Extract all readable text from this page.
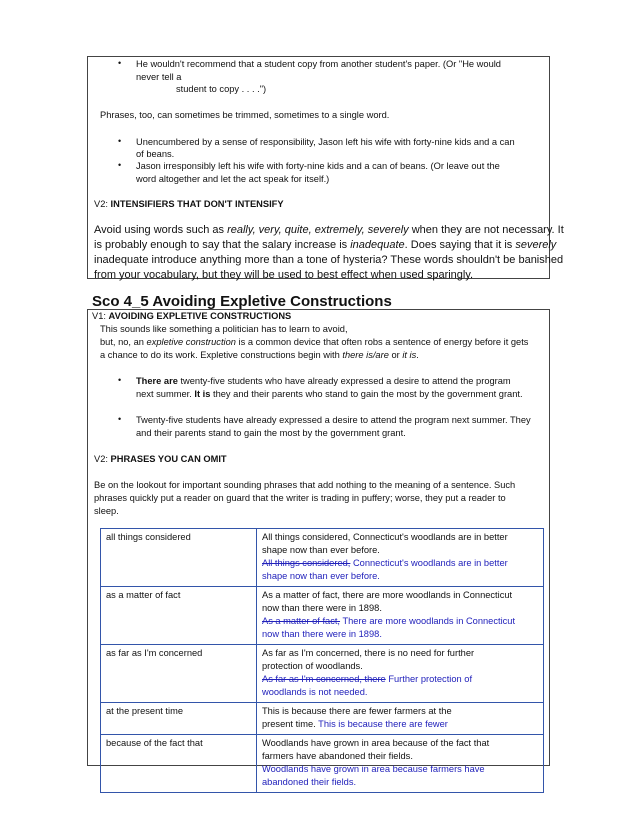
• He wouldn't recommend that a student copy from another student's paper. (Or "He would
never tell a
student to copy . . . .")
Phrases, too, can sometimes be trimmed, sometimes to a single word.
• Unencumbered by a sense of responsibility, Jason left his wife with forty-nine kids and a can
of beans.
• Jason irresponsibly left his wife with forty-nine kids and a can of beans. (Or leave out the
word altogether and let the act speak for itself.)
V2: INTENSIFIERS THAT DON'T INTENSIFY
Avoid using words such as really, very, quite, extremely, severely when they are not necessary. It
is probably enough to say that the salary increase is inadequate. Does saying that it is severely
inadequate introduce anything more than a tone of hysteria? These words shouldn't be banished
from your vocabulary, but they will be used to best effect when used sparingly.
Sco 4_5 Avoiding Expletive Constructions
V1: AVOIDING EXPLETIVE CONSTRUCTIONS
This sounds like something a politician has to learn to avoid,
but, no, an expletive construction is a common device that often robs a sentence of energy before it gets
a chance to do its work. Expletive constructions begin with there is/are or it is.
• There are twenty-five students who have already expressed a desire to attend the program
next summer. It is they and their parents who stand to gain the most by the government grant.
• Twenty-five students have already expressed a desire to attend the program next summer. They
and their parents stand to gain the most by the government grant.
V2: PHRASES YOU CAN OMIT
Be on the lookout for important sounding phrases that add nothing to the meaning of a sentence. Such
phrases quickly put a reader on guard that the writer is trading in puffery; worse, they put a reader to
sleep.
all things considered	All things considered, Connecticut's woodlands are in better
shape now than ever before.
All things considered, Connecticut's woodlands are in better
shape now than ever before.

as a matter of fact	As a matter of fact, there are more woodlands in Connecticut
now than there were in 1898.
As a matter of fact, There are more woodlands in Connecticut
now than there were in 1898.

as far as I'm concerned	As far as I'm concerned, there is no need for further
protection of woodlands.
As far as I'm concerned, there Further protection of
woodlands is not needed.

at the present time	This is because there are fewer farmers at the
present time. This is because there are fewer

because of the fact that	Woodlands have grown in area because of the fact that
farmers have abandoned their fields.
Woodlands have grown in area because farmers have
abandoned their fields.
